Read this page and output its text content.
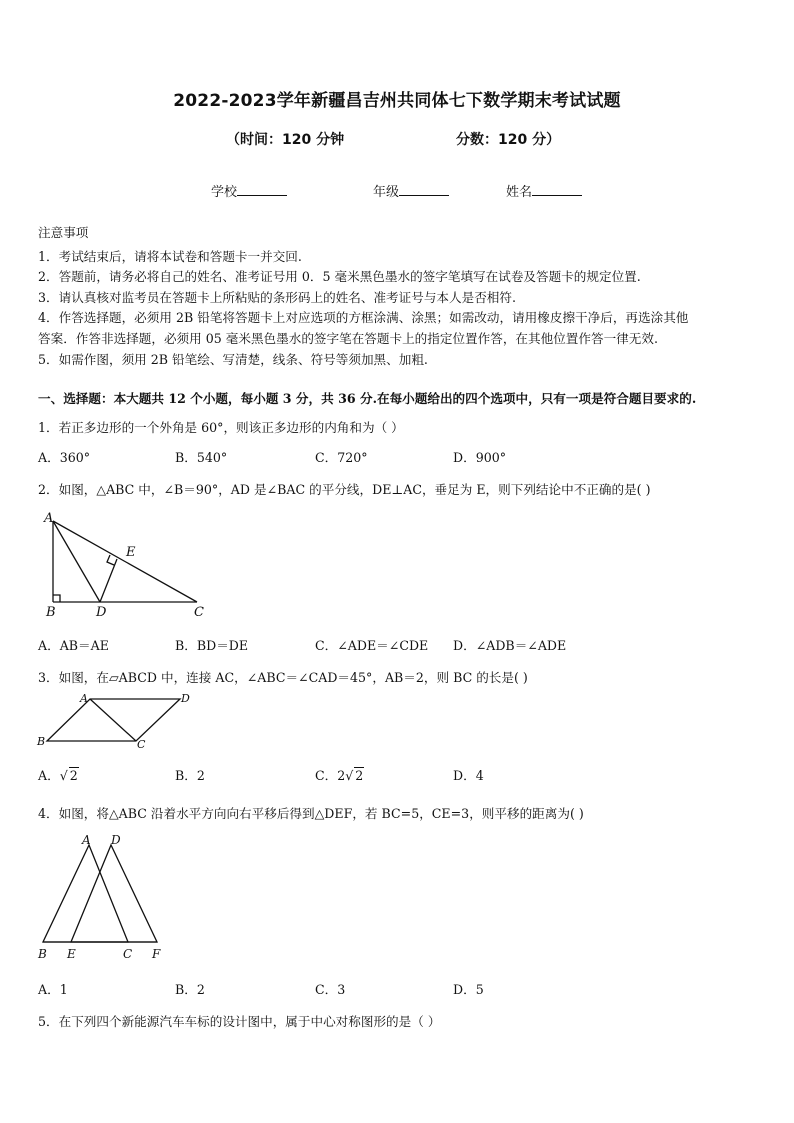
2022-2023学年新疆昌吉州共同体七下数学期末考试试题
（时间：120 分钟	分数：120 分）
学校	年级	姓名
注意事项
1．考试结束后，请将本试卷和答题卡一并交回.
2．答题前，请务必将自己的姓名、准考证号用 0．5 毫米黑色墨水的签字笔填写在试卷及答题卡的规定位置.
3．请认真核对监考员在答题卡上所粘贴的条形码上的姓名、准考证号与本人是否相符.
4．作答选择题，必须用 2B 铅笔将答题卡上对应选项的方框涂满、涂黑；如需改动，请用橡皮擦干净后，再选涂其他
答案．作答非选择题，必须用 05 毫米黑色墨水的签字笔在答题卡上的指定位置作答，在其他位置作答一律无效.
5．如需作图，须用 2B 铅笔绘、写清楚，线条、符号等须加黑、加粗.
一、选择题：本大题共 12 个小题，每小题 3 分，共 36 分.在每小题给出的四个选项中，只有一项是符合题目要求的.
1．若正多边形的一个外角是 60°，则该正多边形的内角和为（ ）
A．360°	B．540°	C．720°	D．900°
2．如图，△ABC 中，∠B＝90°，AD 是∠BAC 的平分线，DE⊥AC，垂足为 E，则下列结论中不正确的是( )
A
B	D	C
E
A．AB＝AE	B．BD＝DE	C．∠ADE＝∠CDE D．∠ADB＝∠ADE
3．如图，在▱ABCD 中，连接 AC，∠ABC＝∠CAD＝45°，AB＝2，则 BC 的长是( )
A	D
B	C
A．√ 2	B．2	C．2√ 2	D．4
4．如图，将△ABC 沿着水平方向向右平移后得到△DEF，若 BC=5，CE=3，则平移的距离为( )
A D
B E	C F
A．1	B．2	C．3	D．5
5．在下列四个新能源汽车车标的设计图中，属于中心对称图形的是（ ）
